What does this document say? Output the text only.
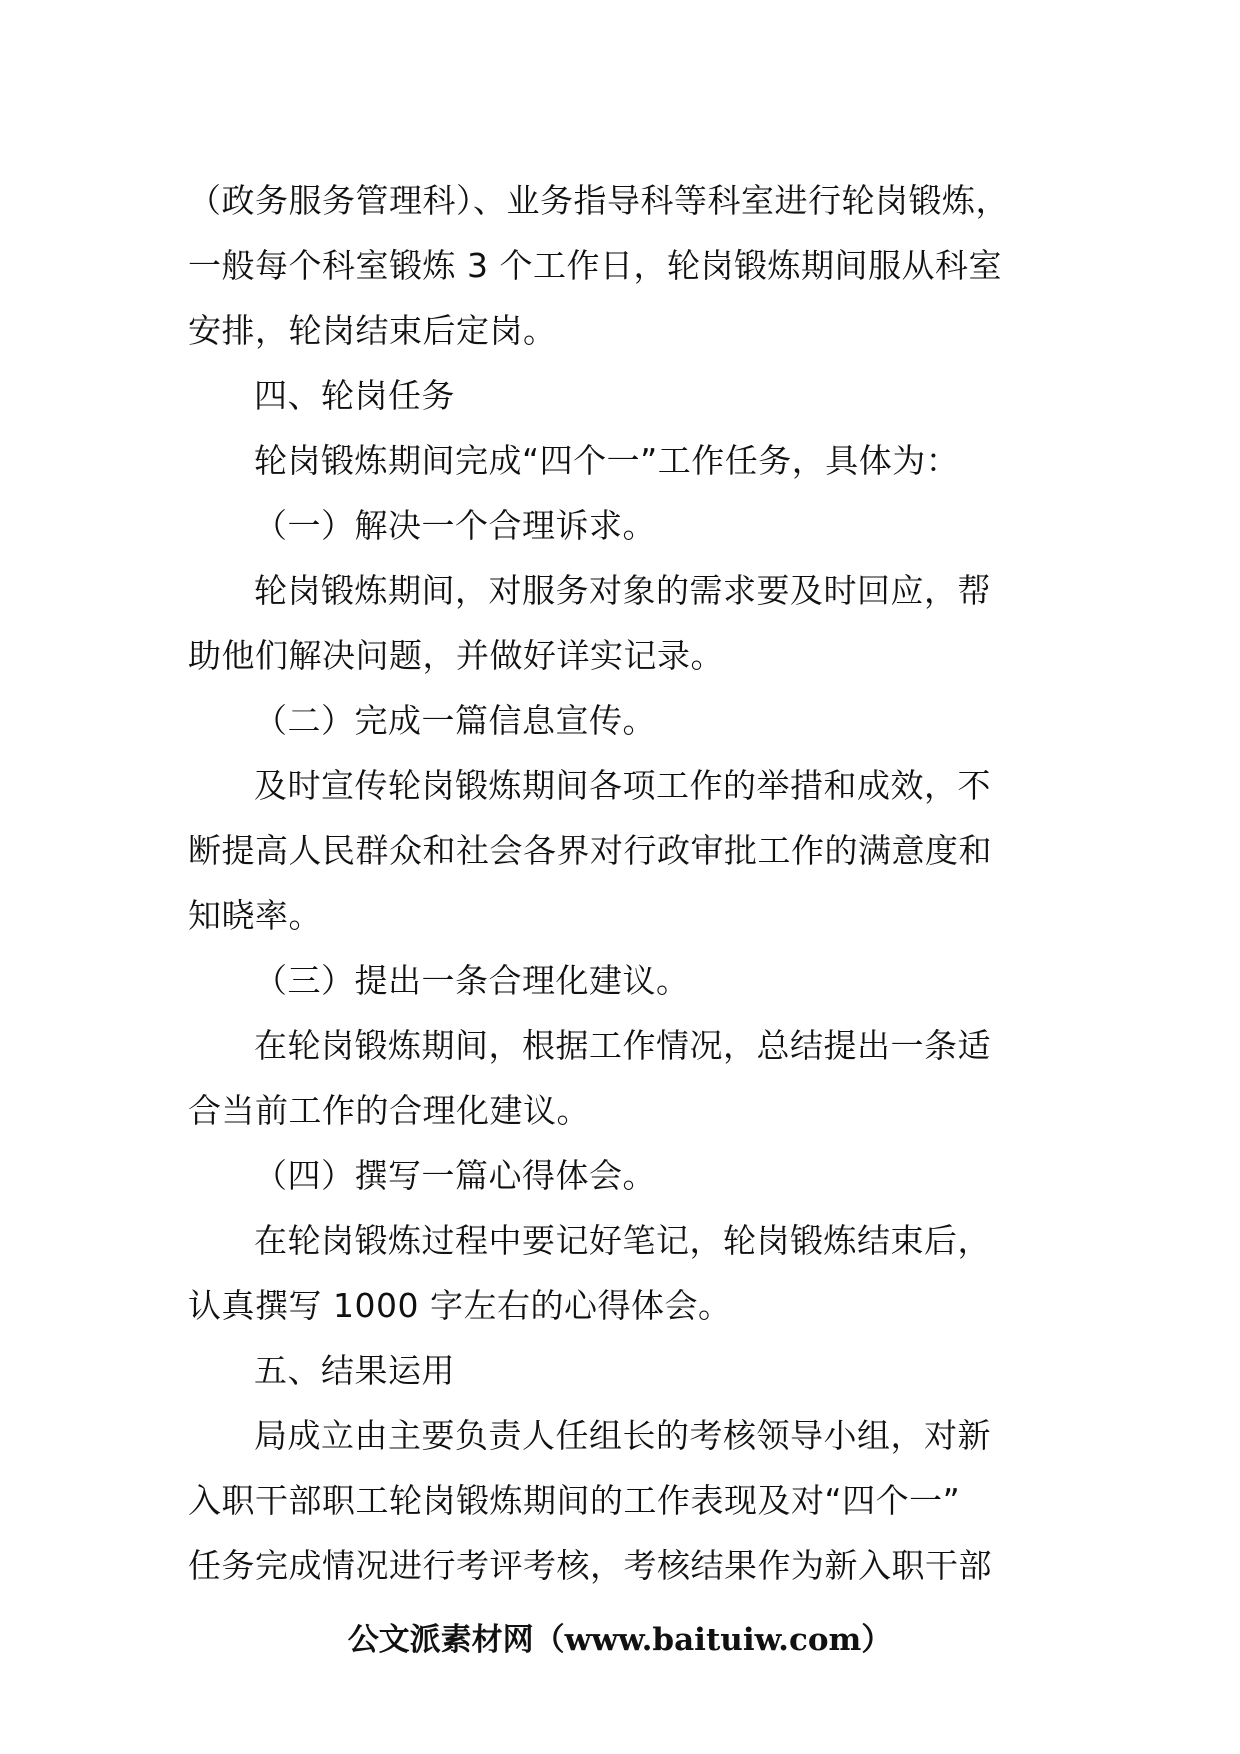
（政务服务管理科）、业务指导科等科室进行轮岗锻炼，
一般每个科室锻炼 3 个工作日，轮岗锻炼期间服从科室
安排，轮岗结束后定岗。
四、轮岗任务
轮岗锻炼期间完成“四个一”工作任务，具体为：
（一）解决一个合理诉求。
轮岗锻炼期间，对服务对象的需求要及时回应，帮
助他们解决问题，并做好详实记录。
（二）完成一篇信息宣传。
及时宣传轮岗锻炼期间各项工作的举措和成效，不
断提高人民群众和社会各界对行政审批工作的满意度和
知晓率。
（三）提出一条合理化建议。
在轮岗锻炼期间，根据工作情况，总结提出一条适
合当前工作的合理化建议。
（四）撰写一篇心得体会。
在轮岗锻炼过程中要记好笔记，轮岗锻炼结束后，
认真撰写 1000 字左右的心得体会。
五、结果运用
局成立由主要负责人任组长的考核领导小组，对新
入职干部职工轮岗锻炼期间的工作表现及对“四个一”
任务完成情况进行考评考核，考核结果作为新入职干部
公文派素材网（www.baituiw.com）
